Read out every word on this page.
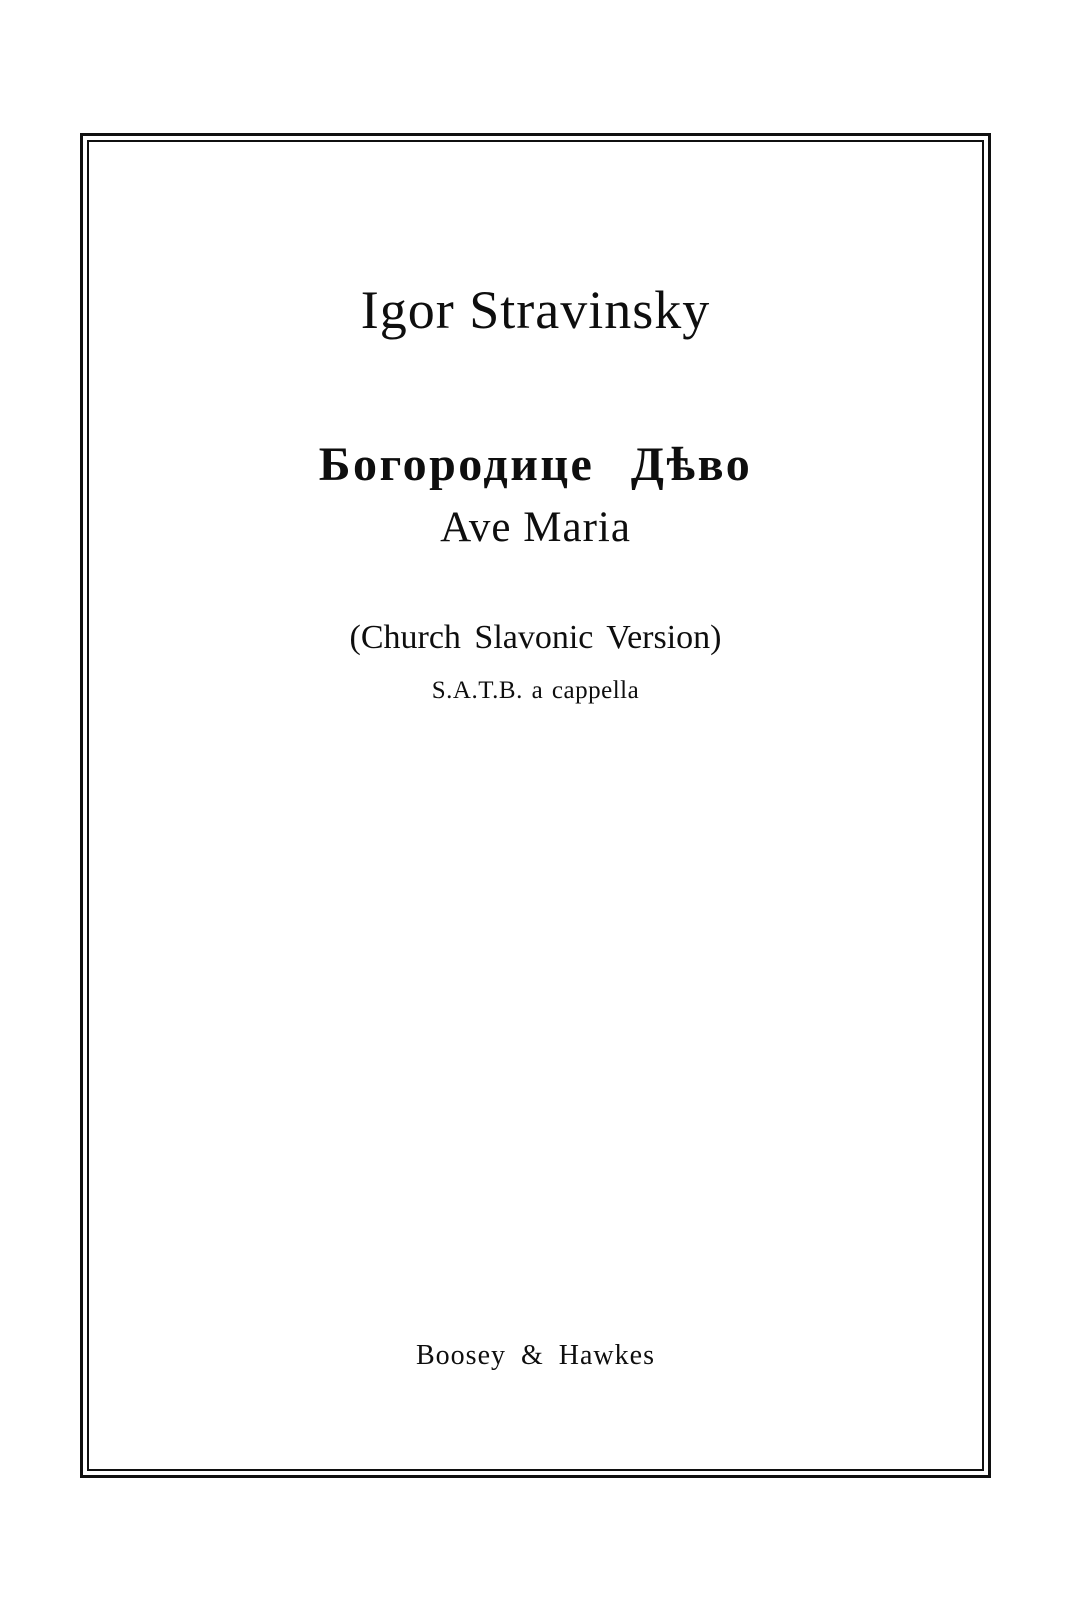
Igor Stravinsky
Богородице Дѣво
Ave Maria
(Church Slavonic Version)
S.A.T.B. a cappella
Boosey & Hawkes
